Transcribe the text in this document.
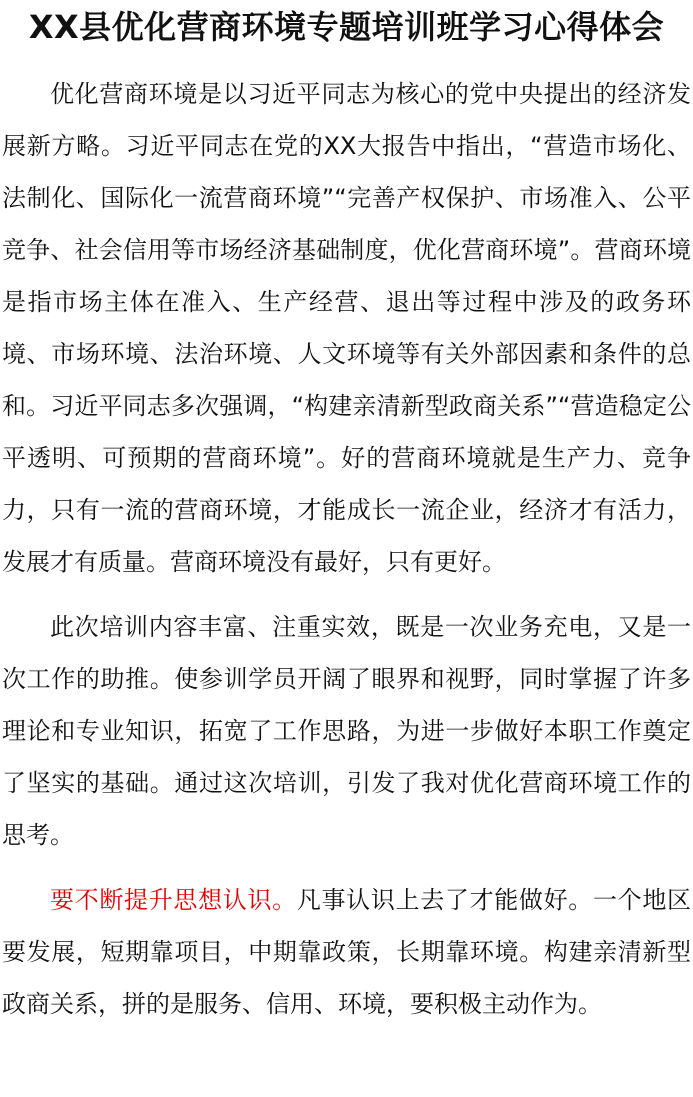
XX县优化营商环境专题培训班学习心得体会

优化营商环境是以习近平同志为核心的党中央提出的经济发展新方略。习近平同志在党的XX大报告中指出，“营造市场化、法制化、国际化一流营商环境”“完善产权保护、市场准入、公平竞争、社会信用等市场经济基础制度，优化营商环境”。营商环境是指市场主体在准入、生产经营、退出等过程中涉及的政务环境、市场环境、法治环境、人文环境等有关外部因素和条件的总和。习近平同志多次强调，“构建亲清新型政商关系”“营造稳定公平透明、可预期的营商环境”。好的营商环境就是生产力、竞争力，只有一流的营商环境，才能成长一流企业，经济才有活力，发展才有质量。营商环境没有最好，只有更好。

此次培训内容丰富、注重实效，既是一次业务充电，又是一次工作的助推。使参训学员开阔了眼界和视野，同时掌握了许多理论和专业知识，拓宽了工作思路，为进一步做好本职工作奠定了坚实的基础。通过这次培训，引发了我对优化营商环境工作的思考。

要不断提升思想认识。凡事认识上去了才能做好。一个地区要发展，短期靠项目，中期靠政策，长期靠环境。构建亲清新型政商关系，拼的是服务、信用、环境，要积极主动作为。
